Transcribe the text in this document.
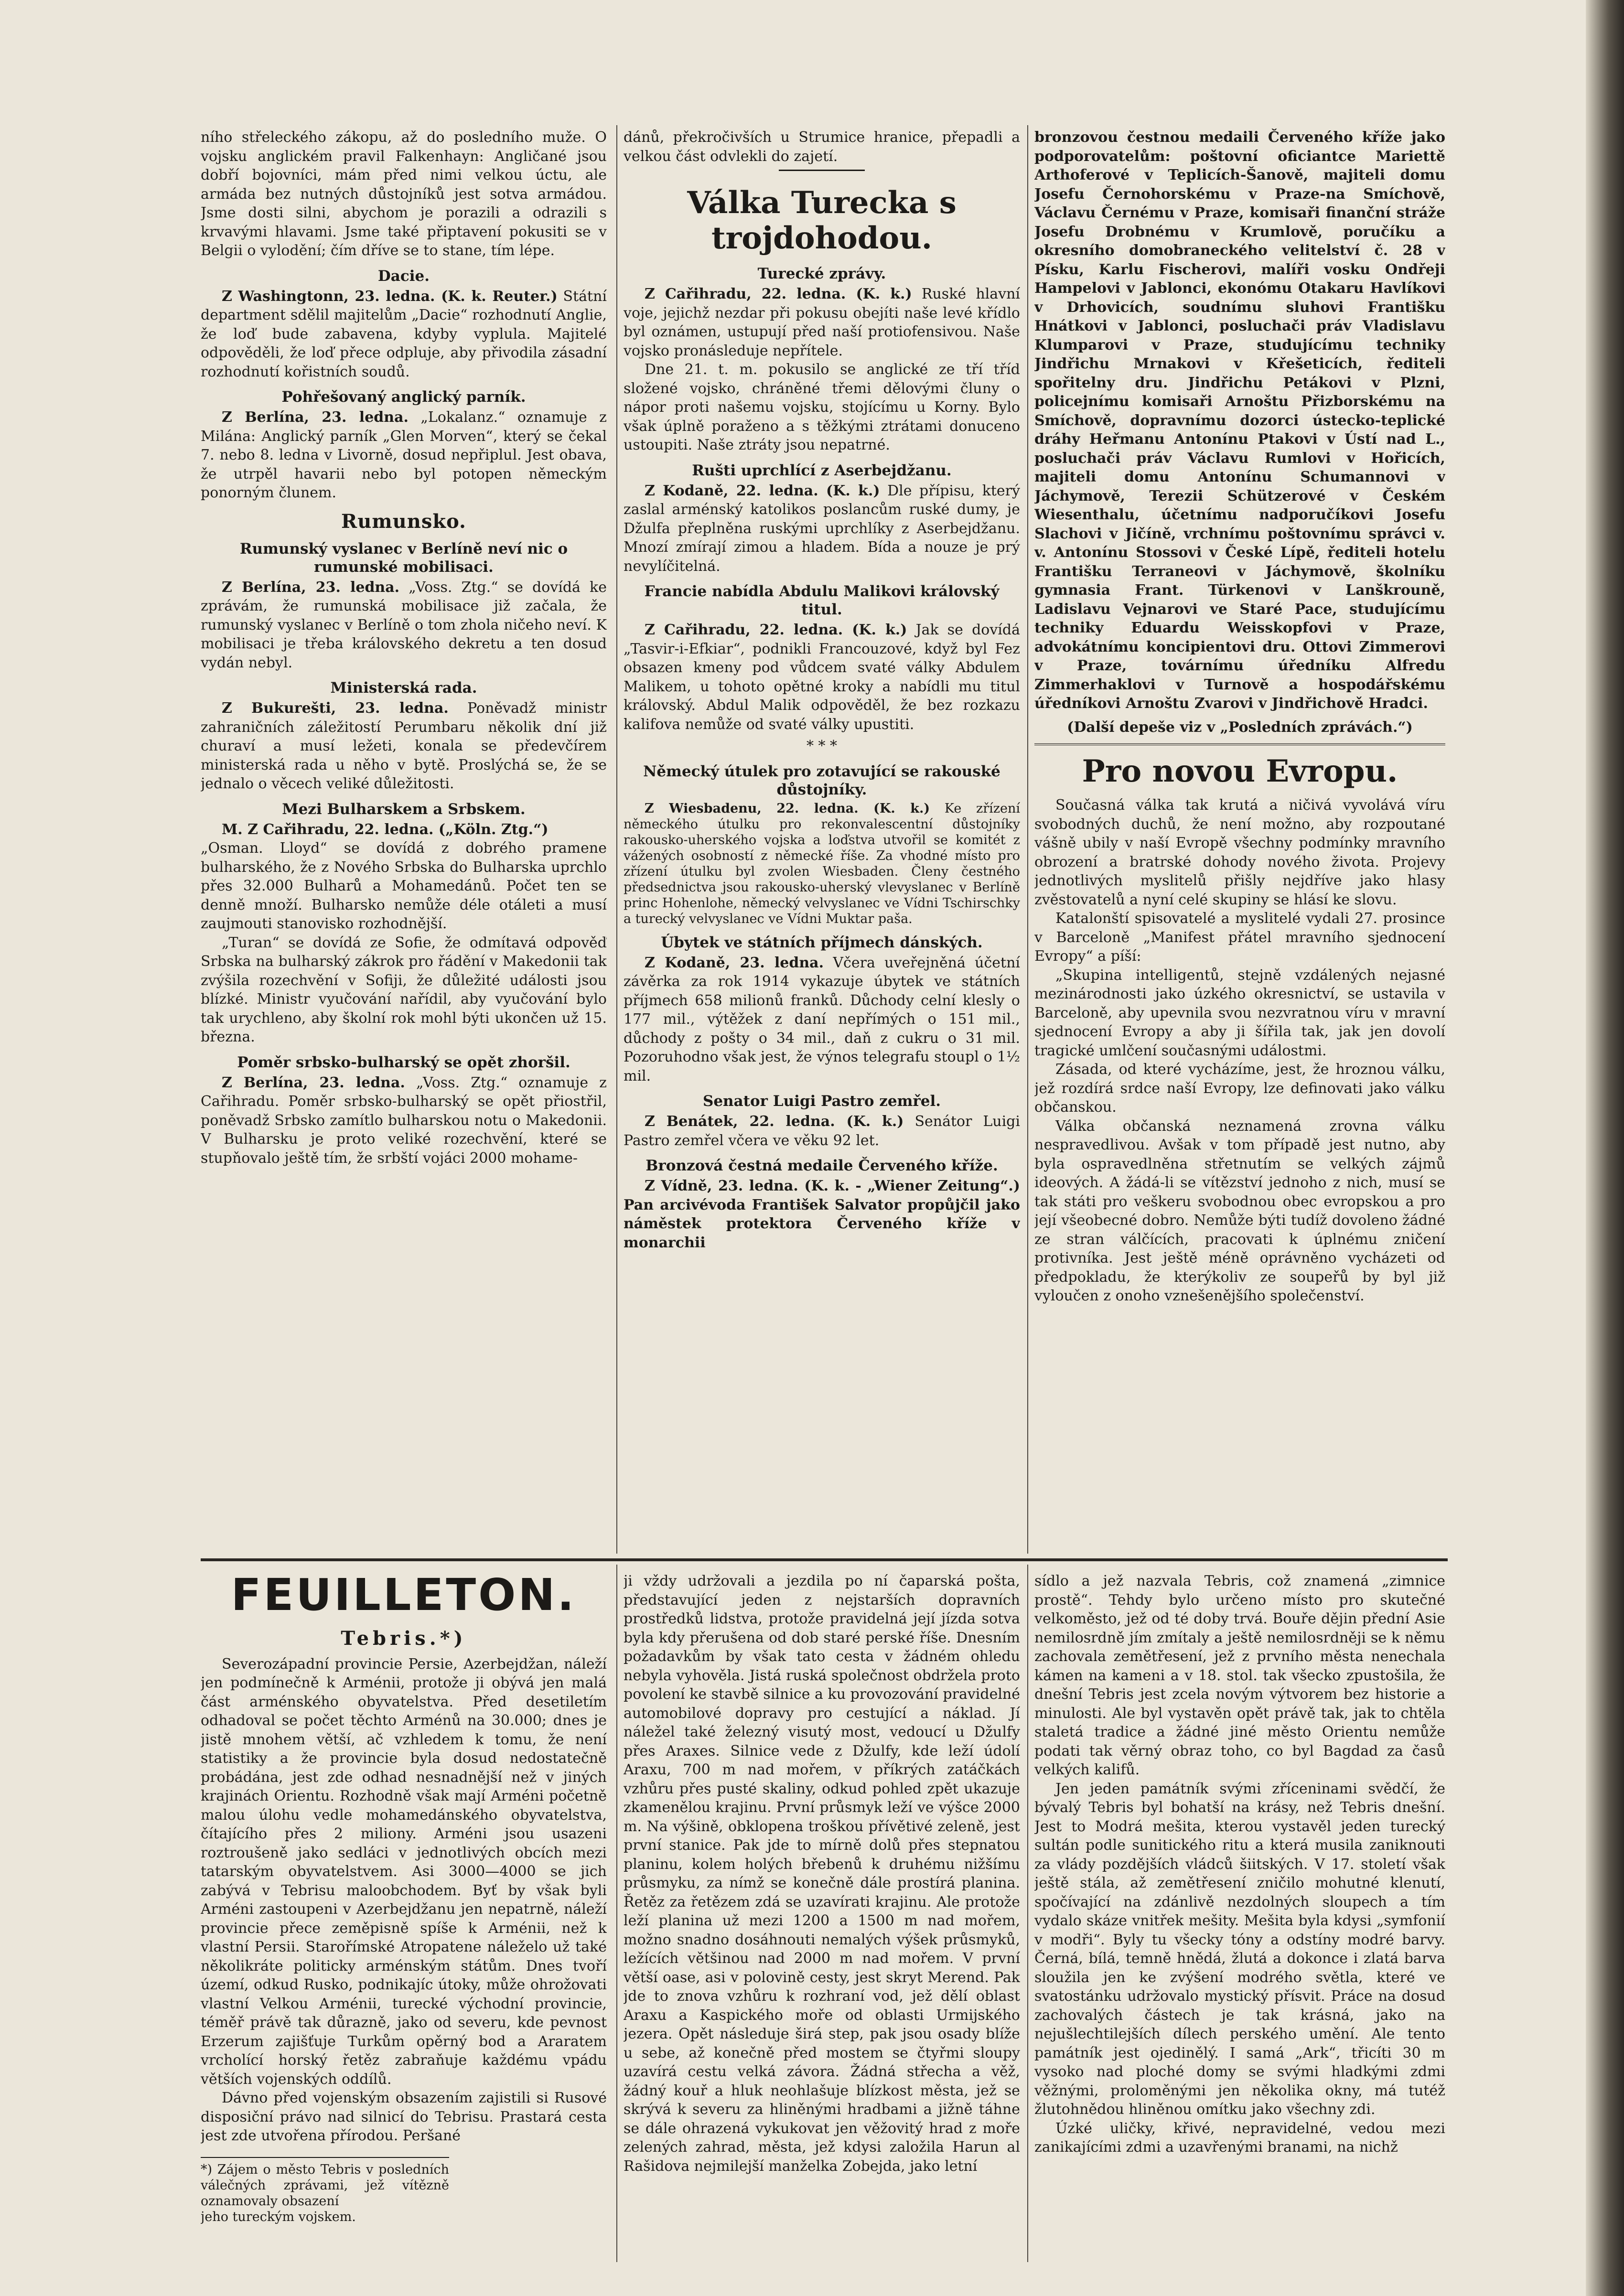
ního střeleckého zákopu, až do posledního muže. O vojsku anglickém pravil Falkenhayn: Angličané jsou dobří bojovníci, mám před nimi velkou úctu, ale armáda bez nutných důstojníků jest sotva armádou. Jsme dosti silni, abychom je porazili a odrazili s krvavými hlavami. Jsme také připtavení pokusiti se v Belgii o vylodění; čím dříve se to stane, tím lépe.

Dacie.

Z Washingtonn, 23. ledna. (K. k. Reuter.) Státní department sdělil majitelům „Dacie“ rozhodnutí Anglie, že loď bude zabavena, kdyby vyplula. Majitelé odpověděli, že loď přece odpluje, aby přivodila zásadní rozhodnutí kořistních soudů.

Pohřešovaný anglický parník.

Z Berlína, 23. ledna. „Lokalanz.“ oznamuje z Milána: Anglický parník „Glen Morven“, který se čekal 7. nebo 8. ledna v Livorně, dosud nepřiplul. Jest obava, že utrpěl havarii nebo byl potopen německým ponorným člunem.

Rumunsko.
Rumunský vyslanec v Berlíně neví nic o rumunské mobilisaci.

Z Berlína, 23. ledna. „Voss. Ztg.“ se dovídá ke zprávám, že rumunská mobilisace již začala, že rumunský vyslanec v Berlíně o tom zhola ničeho neví. K mobilisaci je třeba královského dekretu a ten dosud vydán nebyl.

Ministerská rada.

Z Bukurešti, 23. ledna. Poněvadž ministr zahraničních záležitostí Perumbaru několik dní již churaví a musí ležeti, konala se předevčírem ministerská rada u něho v bytě. Proslýchá se, že se jednalo o věcech veliké důležitosti.

Mezi Bulharskem a Srbskem.

M. Z Cařihradu, 22. ledna. („Köln. Ztg.“)

„Osman. Lloyd“ se dovídá z dobrého pramene bulharského, že z Nového Srbska do Bulharska uprchlo přes 32.000 Bulharů a Mohamedánů. Počet ten se denně množí. Bulharsko nemůže déle otáleti a musí zaujmouti stanovisko rozhodnější.

„Turan“ se dovídá ze Sofie, že odmítavá odpověď Srbska na bulharský zákrok pro řádění v Makedonii tak zvýšila rozechvění v Sofiji, že důležité události jsou blízké. Ministr vyučování nařídil, aby vyučování bylo tak urychleno, aby školní rok mohl býti ukončen už 15. března.

Poměr srbsko-bulharský se opět zhoršil.

Z Berlína, 23. ledna. „Voss. Ztg.“ oznamuje z Cařihradu. Poměr srbsko-bulharský se opět přiostřil, poněvadž Srbsko zamítlo bulharskou notu o Makedonii. V Bulharsku je proto veliké rozechvění, které se stupňovalo ještě tím, že srbští vojáci 2000 mohame-

dánů, překročivších u Strumice hranice, přepadli a velkou část odvlekli do zajetí.

Válka Turecka s trojdohodou.
Turecké zprávy.

Z Cařihradu, 22. ledna. (K. k.) Ruské hlavní voje, jejichž nezdar při pokusu obejíti naše levé křídlo byl oznámen, ustupují před naší protiofensivou. Naše vojsko pronásleduje nepřítele.

Dne 21. t. m. pokusilo se anglické ze tří tříd složené vojsko, chráněné třemi dělovými čluny o nápor proti našemu vojsku, stojícímu u Korny. Bylo však úplně poraženo a s těžkými ztrátami donuceno ustoupiti. Naše ztráty jsou nepatrné.

Rušti uprchlící z Aserbejdžanu.

Z Kodaně, 22. ledna. (K. k.) Dle přípisu, který zaslal arménský katolikos poslancům ruské dumy, je Džulfa přeplněna ruskými uprchlíky z Aserbejdžanu. Mnozí zmírají zimou a hladem. Bída a nouze je prý nevylíčitelná.

Francie nabídla Abdulu Malikovi královský titul.

Z Cařihradu, 22. ledna. (K. k.) Jak se dovídá „Tasvir-i-Efkiar“, podnikli Francouzové, když byl Fez obsazen kmeny pod vůdcem svaté války Abdulem Malikem, u tohoto opětné kroky a nabídli mu titul královský. Abdul Malik odpověděl, že bez rozkazu kalifova nemůže od svaté války upustiti.

* * *
Německý útulek pro zotavující se rakouské důstojníky.

Z Wiesbadenu, 22. ledna. (K. k.) Ke zřízení německého útulku pro rekonvalescentní důstojníky rakousko-uherského vojska a loďstva utvořil se komitét z vážených osobností z německé říše. Za vhodné místo pro zřízení útulku byl zvolen Wiesbaden. Členy čestného předsednictva jsou rakousko-uherský vlevyslanec v Berlíně princ Hohenlohe, německý velvyslanec ve Vídni Tschirschky a turecký velvyslanec ve Vídni Muktar paša.

Úbytek ve státních příjmech dánských.

Z Kodaně, 23. ledna. Včera uveřejněná účetní závěrka za rok 1914 vykazuje úbytek ve státních příjmech 658 milionů franků. Důchody celní klesly o 177 mil., výtěžek z daní nepřímých o 151 mil., důchody z pošty o 34 mil., daň z cukru o 31 mil. Pozoruhodno však jest, že výnos telegrafu stoupl o 1½ mil.

Senator Luigi Pastro zemřel.

Z Benátek, 22. ledna. (K. k.) Senátor Luigi Pastro zemřel včera ve věku 92 let.

Bronzová čestná medaile Červeného kříže.

Z Vídně, 23. ledna. (K. k. - „Wiener Zeitung“.) Pan arcivévoda František Salvator propůjčil jako náměstek protektora Červeného kříže v monarchii

bronzovou čestnou medaili Červeného kříže jako podporovatelům: poštovní oficiantce Mariettě Arthoferové v Teplicích-Šanově, majiteli domu Josefu Černohorskému v Praze-na Smíchově, Václavu Černému v Praze, komisaři finanční stráže Josefu Drobnému v Krumlově, poručíku a okresního domobraneckého velitelství č. 28 v Písku, Karlu Fischerovi, malíři vosku Ondřeji Hampelovi v Jablonci, ekonómu Otakaru Havlíkovi v Drhovicích, soudnímu sluhovi Františku Hnátkovi v Jablonci, posluchači práv Vladislavu Klumparovi v Praze, studujícímu techniky Jindřichu Mrnakovi v Křešeticích, řediteli spořitelny dru. Jindřichu Petákovi v Plzni, policejnímu komisaři Arnoštu Přizborskému na Smíchově, dopravnímu dozorci ústecko-teplické dráhy Heřmanu Antonínu Ptakovi v Ústí nad L., posluchači práv Václavu Rumlovi v Hořicích, majiteli domu Antonínu Schumannovi v Jáchymově, Terezii Schützerové v Českém Wiesenthalu, účetnímu nadporučíkovi Josefu Slachovi v Jičíně, vrchnímu poštovnímu správci v. v. Antonínu Stossovi v České Lípě, řediteli hotelu Františku Terraneovi v Jáchymově, školníku gymnasia Frant. Türkenovi v Lanškrouně, Ladislavu Vejnarovi ve Staré Pace, studujícímu techniky Eduardu Weisskopfovi v Praze, advokátnímu koncipientovi dru. Ottovi Zimmerovi v Praze, továrnímu úředníku Alfredu Zimmerhaklovi v Turnově a hospodářskému úředníkovi Arnoštu Zvarovi v Jindřichově Hradci.

(Další depeše viz v „Posledních zprávách.“)

Pro novou Evropu.

Současná válka tak krutá a ničivá vyvolává víru svobodných duchů, že není možno, aby rozpoutané vášně ubily v naší Evropě všechny podmínky mravního obrození a bratrské dohody nového života. Projevy jednotlivých myslitelů přišly nejdříve jako hlasy zvěstovatelů a nyní celé skupiny se hlásí ke slovu.

Katalonští spisovatelé a myslitelé vydali 27. prosince v Barceloně „Manifest přátel mravního sjednocení Evropy“ a píší:

„Skupina intelligentů, stejně vzdálených nejasné mezinárodnosti jako úzkého okresnictví, se ustavila v Barceloně, aby upevnila svou nezvratnou víru v mravní sjednocení Evropy a aby ji šířila tak, jak jen dovolí tragické umlčení současnými událostmi.

Zásada, od které vycházíme, jest, že hroznou válku, jež rozdírá srdce naší Evropy, lze definovati jako válku občanskou.

Válka občanská neznamená zrovna válku nespravedlivou. Avšak v tom případě jest nutno, aby byla ospravedlněna střetnutím se velkých zájmů ideových. A žádá-li se vítězství jednoho z nich, musí se tak státi pro veškeru svobodnou obec evropskou a pro její všeobecné dobro. Nemůže býti tudíž dovoleno žádné ze stran válčících, pracovati k úplnému zničení protivníka. Jest ještě méně oprávněno vycházeti od předpokladu, že kterýkoliv ze soupeřů by byl již vyloučen z onoho vznešenějšího společenství.

FEUILLETON.
Tebris.*)

Severozápadní provincie Persie, Azerbejdžan, náleží jen podmínečně k Arménii, protože ji obývá jen malá část arménského obyvatelstva. Před desetiletím odhadoval se počet těchto Arménů na 30.000; dnes je jistě mnohem větší, ač vzhledem k tomu, že není statistiky a že provincie byla dosud nedostatečně probádána, jest zde odhad nesnadnější než v jiných krajinách Orientu. Rozhodně však mají Arméni početně malou úlohu vedle mohamedánského obyvatelstva, čítajícího přes 2 miliony. Arméni jsou usazeni roztroušeně jako sedláci v jednotlivých obcích mezi tatarským obyvatelstvem. Asi 3000—4000 se jich zabývá v Tebrisu maloobchodem. Byť by však byli Arméni zastoupeni v Azerbejdžanu jen nepatrně, náleží provincie přece zeměpisně spíše k Arménii, než k vlastní Persii. Starořímské Atropatene náleželo už také několikráte politicky arménským státům. Dnes tvoří území, odkud Rusko, podnikajíc útoky, může ohrožovati vlastní Velkou Arménii, turecké východní provincie, téměř právě tak důrazně, jako od severu, kde pevnost Erzerum zajišťuje Turkům opěrný bod a Araratem vrcholící horský řetěz zabraňuje každému vpádu větších vojenských oddílů.

Dávno před vojenským obsazením zajistili si Rusové disposiční právo nad silnicí do Tebrisu. Prastará cesta jest zde utvořena přírodou. Peršané

*) Zájem o město Tebris v posledních válečných zprávami, jež vítězně oznamovaly obsazení
jeho tureckým vojskem.

ji vždy udržovali a jezdila po ní čaparská pošta, představující jeden z nejstarších dopravních prostředků lidstva, protože pravidelná její jízda sotva byla kdy přerušena od dob staré perské říše. Dnesním požadavkům by však tato cesta v žádném ohledu nebyla vyhověla. Jistá ruská společnost obdržela proto povolení ke stavbě silnice a ku provozování pravidelné automobilové dopravy pro cestující a náklad. Jí náležel také železný visutý most, vedoucí u Džulfy přes Araxes. Silnice vede z Džulfy, kde leží údolí Araxu, 700 m nad mořem, v příkrých zatáčkách vzhůru přes pusté skaliny, odkud pohled zpět ukazuje zkamenělou krajinu. První průsmyk leží ve výšce 2000 m. Na výšině, obklopena troškou přívětivé zeleně, jest první stanice. Pak jde to mírně dolů přes stepnatou planinu, kolem holých břebenů k druhému nižšímu průsmyku, za nímž se konečně dále prostírá planina. Řetěz za řetězem zdá se uzavírati krajinu. Ale protože leží planina už mezi 1200 a 1500 m nad mořem, možno snadno dosáhnouti nemalých výšek průsmyků, ležících většinou nad 2000 m nad mořem. V první větší oase, asi v polovině cesty, jest skryt Merend. Pak jde to znova vzhůru k rozhraní vod, jež dělí oblast Araxu a Kaspického moře od oblasti Urmijského jezera. Opět následuje širá step, pak jsou osady blíže u sebe, až konečně před mostem se čtyřmi sloupy uzavírá cestu velká závora. Žádná střecha a věž, žádný kouř a hluk neohlašuje blízkost města, jež se skrývá k severu za hliněnými hradbami a jižně táhne se dále ohrazená vykukovat jen věžovitý hrad z moře zelených zahrad, města, jež kdysi založila Harun al Rašidova nejmilejší manželka Zobejda, jako letní

sídlo a jež nazvala Tebris, což znamená „zimnice prostě“. Tehdy bylo určeno místo pro skutečné velkoměsto, jež od té doby trvá. Bouře dějin přední Asie nemilosrdně jím zmítaly a ještě nemilosrdněji se k němu zachovala zemětřesení, jež z prvního města nenechala kámen na kameni a v 18. stol. tak všecko zpustošila, že dnešní Tebris jest zcela novým výtvorem bez historie a minulosti. Ale byl vystavěn opět právě tak, jak to chtěla staletá tradice a žádné jiné město Orientu nemůže podati tak věrný obraz toho, co byl Bagdad za časů velkých kalifů.

Jen jeden památník svými zříceninami svědčí, že bývalý Tebris byl bohatší na krásy, než Tebris dnešní. Jest to Modrá mešita, kterou vystavěl jeden turecký sultán podle sunitického ritu a která musila zaniknouti za vlády pozdějších vládců šiitských. V 17. století však ještě stála, až zemětřesení zničilo mohutné klenutí, spočívající na zdánlivě nezdolných sloupech a tím vydalo skáze vnitřek mešity. Mešita byla kdysi „symfonií v modři“. Byly tu všecky tóny a odstíny modré barvy. Černá, bílá, temně hnědá, žlutá a dokonce i zlatá barva sloužila jen ke zvýšení modrého světla, které ve svatostánku udržovalo mystický přísvit. Práce na dosud zachovalých částech je tak krásná, jako na nejušlechtilejších dílech perského umění. Ale tento památník jest ojedinělý. I samá „Ark“, třicíti 30 m vysoko nad ploché domy se svými hladkými zdmi věžnými, proloměnými jen několika okny, má tutéž žlutohnědou hliněnou omítku jako všechny zdi.

Úzké uličky, křivé, nepravidelné, vedou mezi zanikajícími zdmi a uzavřenými branami, na nichž
